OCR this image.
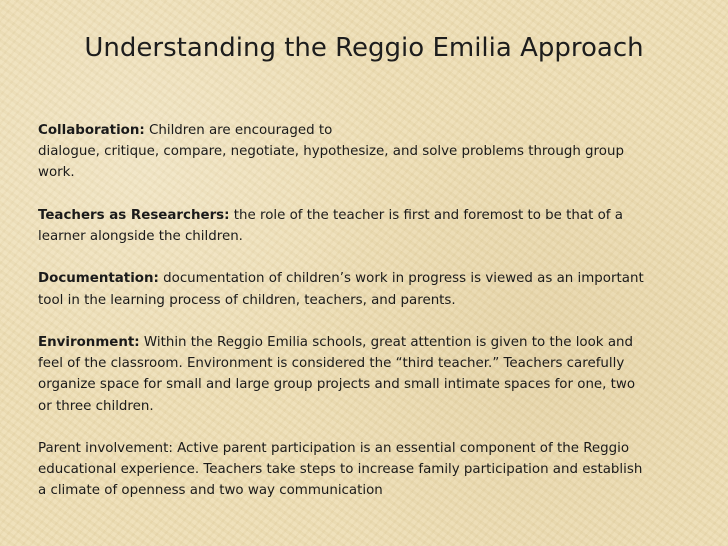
Understanding the Reggio Emilia Approach
Collaboration: Children are encouraged to
dialogue, critique, compare, negotiate, hypothesize, and solve problems through group
work.
Teachers as Researchers: the role of the teacher is first and foremost to be that of a
learner alongside the children.
Documentation: documentation of children’s work in progress is viewed as an important
tool in the learning process of children, teachers, and parents.
Environment: Within the Reggio Emilia schools, great attention is given to the look and
feel of the classroom. Environment is considered the “third teacher.” Teachers carefully
organize space for small and large group projects and small intimate spaces for one, two
or three children.
Parent involvement: Active parent participation is an essential component of the Reggio
educational experience. Teachers take steps to increase family participation and establish
a climate of openness and two way communication
